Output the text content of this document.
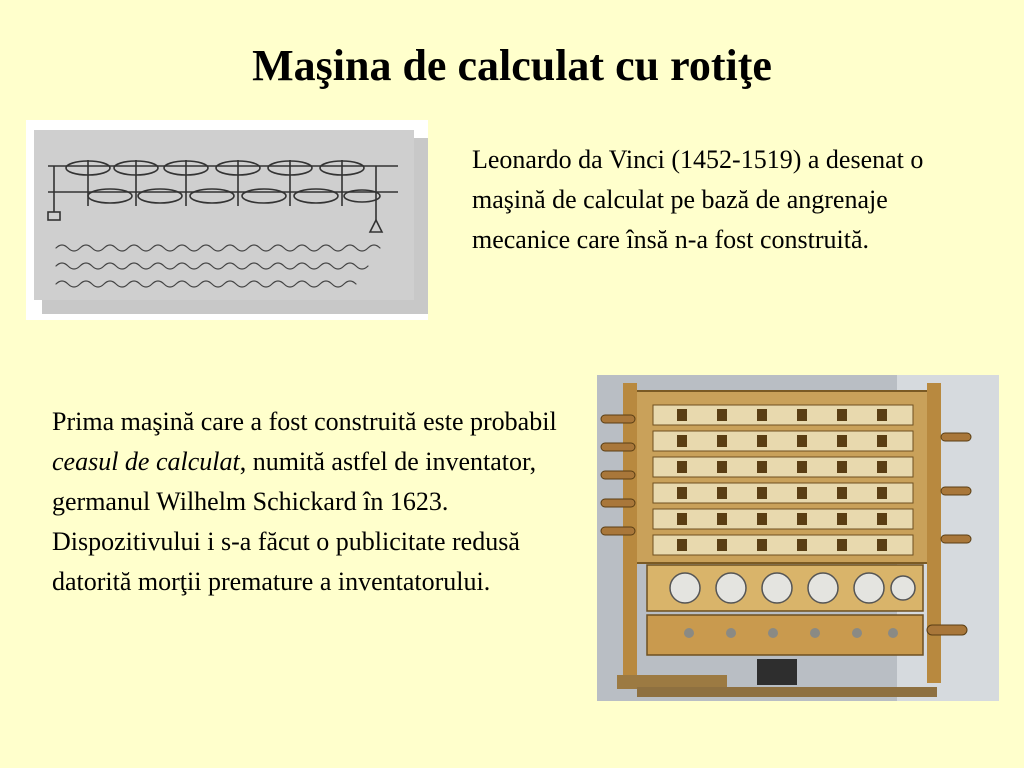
Maşina de calculat cu rotiţe

Leonardo da Vinci (1452-1519) a desenat o maşină de calculat pe bază de angrenaje mecanice care însă n-a fost construită.

Prima maşină care a fost construită este probabil ceasul de calculat, numită astfel de inventator, germanul Wilhelm Schickard în 1623. Dispozitivului i s-a făcut o publicitate redusă datorită morţii premature a inventatorului.
